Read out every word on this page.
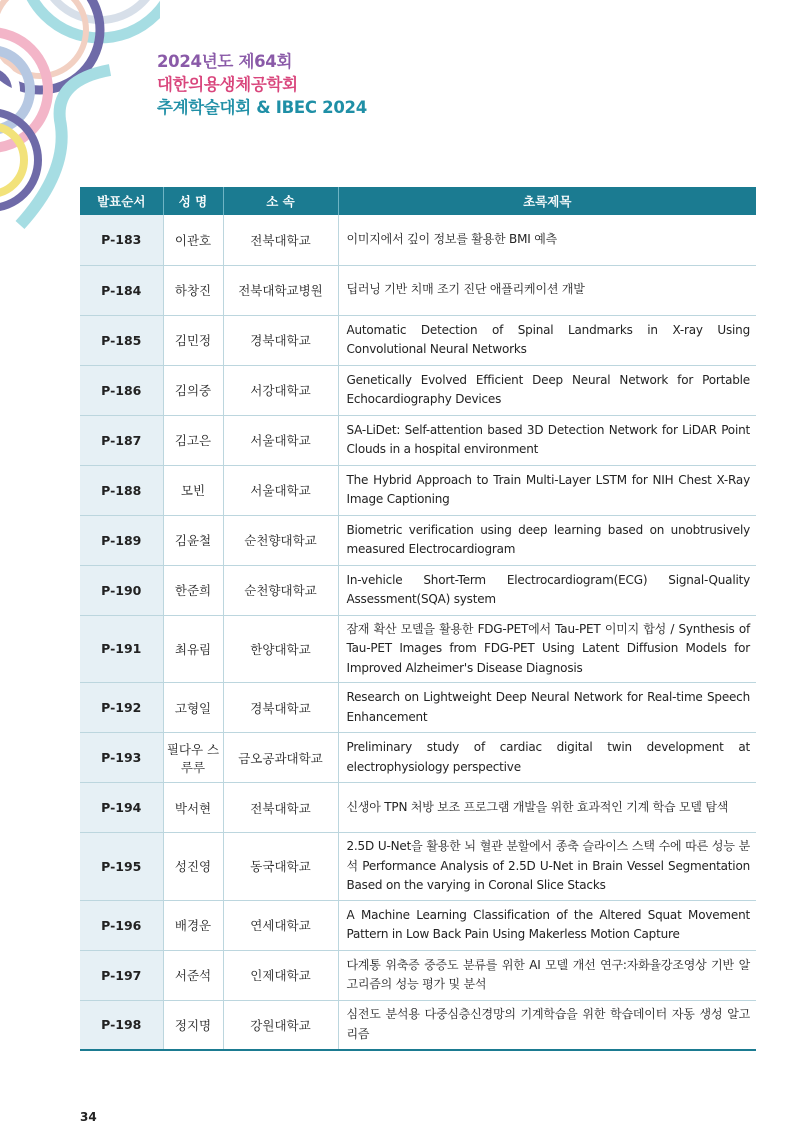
2024년도 제64회
대한의용생체공학회
추계학술대회 & IBEC 2024
발표순서	성 명	소 속	초록제목
P-183	이관호	전북대학교	이미지에서 깊이 정보를 활용한 BMI 예측
P-184	하창진	전북대학교병원	딥러닝 기반 치매 조기 진단 애플리케이션 개발
P-185	김민정	경북대학교	Automatic Detection of Spinal Landmarks in X-ray Using Convolutional Neural Networks
P-186	김의중	서강대학교	Genetically Evolved Efficient Deep Neural Network for Portable Echocardiography Devices
P-187	김고은	서울대학교	SA-LiDet: Self-attention based 3D Detection Network for LiDAR Point Clouds in a hospital environment
P-188	모빈	서울대학교	The Hybrid Approach to Train Multi-Layer LSTM for NIH Chest X-Ray Image Captioning
P-189	김윤철	순천향대학교	Biometric verification using deep learning based on unobtrusively measured Electrocardiogram
P-190	한준희	순천향대학교	In-vehicle Short-Term Electrocardiogram(ECG) Signal-Quality Assessment(SQA) system
P-191	최유림	한양대학교	잠재 확산 모델을 활용한 FDG-PET에서 Tau-PET 이미지 합성 / Synthesis of Tau-PET Images from FDG-PET Using Latent Diffusion Models for Improved Alzheimer's Disease Diagnosis
P-192	고형일	경북대학교	Research on Lightweight Deep Neural Network for Real-time Speech Enhancement
P-193	필다우 스루루	금오공과대학교	Preliminary study of cardiac digital twin development at electrophysiology perspective
P-194	박서현	전북대학교	신생아 TPN 처방 보조 프로그램 개발을 위한 효과적인 기계 학습 모델 탐색
P-195	성진영	동국대학교	2.5D U-Net을 활용한 뇌 혈관 분할에서 종축 슬라이스 스택 수에 따른 성능 분석 Performance Analysis of 2.5D U-Net in Brain Vessel Segmentation Based on the varying in Coronal Slice Stacks
P-196	배경운	연세대학교	A Machine Learning Classification of the Altered Squat Movement Pattern in Low Back Pain Using Makerless Motion Capture
P-197	서준석	인제대학교	다계통 위축증 중증도 분류를 위한 AI 모델 개선 연구:자화율강조영상 기반 알고리즘의 성능 평가 및 분석
P-198	정지명	강원대학교	심전도 분석용 다중심층신경망의 기계학습을 위한 학습데이터 자동 생성 알고리즘
34
